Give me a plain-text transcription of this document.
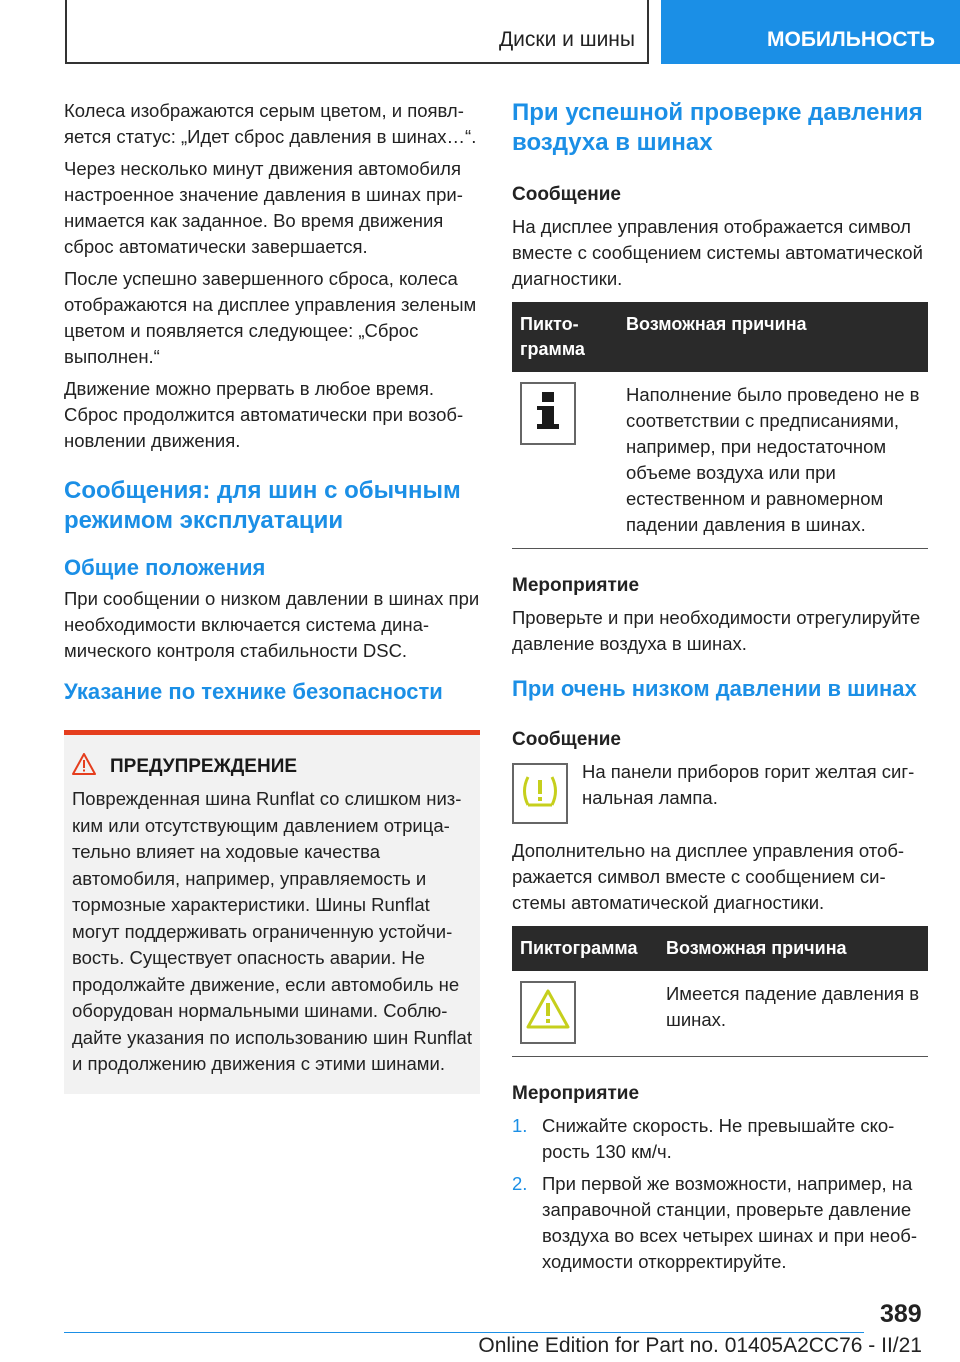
Диски и шины	МОБИЛЬНОСТЬ

Колеса изображаются серым цветом, и появляется статус: „Идет сброс давления в шинах…“.

Через несколько минут движения автомобиля настроенное значение давления в шинах принимается как заданное. Во время движения сброс автоматически завершается.

После успешно завершенного сброса, колеса отображаются на дисплее управления зеленым цветом и появляется следующее: „Сброс выполнен.“

Движение можно прервать в любое время. Сброс продолжится автоматически при возобновлении движения.

Сообщения: для шин с обычным режимом эксплуатации
Общие положения

При сообщении о низком давлении в шинах при необходимости включается система динамического контроля стабильности DSC.

Указание по технике безопасности
ПРЕДУПРЕЖДЕНИЕ

Поврежденная шина Runflat со слишком низким или отсутствующим давлением отрицательно влияет на ходовые качества автомобиля, например, управляемость и тормозные характеристики. Шины Runflat могут поддерживать ограниченную устойчивость. Существует опасность аварии. Не продолжайте движение, если автомобиль не оборудован нормальными шинами. Соблюдайте указания по использованию шин Runflat и продолжению движения с этими шинами.

При успешной проверке давления воздуха в шинах
Сообщение

На дисплее управления отображается символ вместе с сообщением системы автоматической диагностики.

Пиктограмма	Возможная причина
	Наполнение было проведено не в соответствии с предписаниями, например, при недостаточном объеме воздуха или при естественном и равномерном падении давления в шинах.
Мероприятие

Проверьте и при необходимости отрегулируйте давление воздуха в шинах.

При очень низком давлении в шинах
Сообщение

На панели приборов горит желтая сигнальная лампа.

Дополнительно на дисплее управления отображается символ вместе с сообщением системы автоматической диагностики.

Пиктограмма	Возможная причина
	Имеется падение давления в шинах.
Мероприятие
1. Снижайте скорость. Не превышайте скорость 130 км/ч.
2. При первой же возможности, например, на заправочной станции, проверьте давление воздуха во всех четырех шинах и при необходимости откорректируйте.
389
Online Edition for Part no. 01405A2CC76 - II/21
